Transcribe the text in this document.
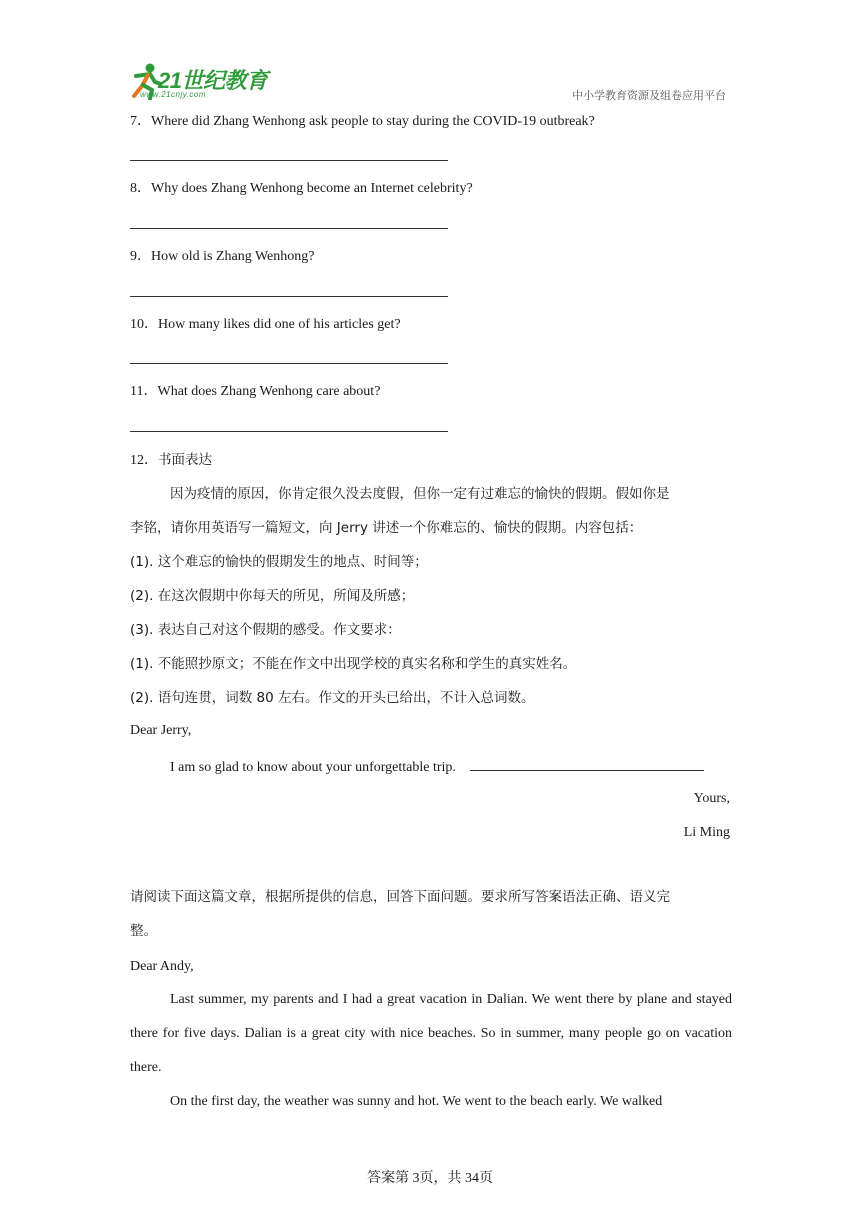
21世纪教育
www.21cnjy.com	中小学教育资源及组卷应用平台
7．Where did Zhang Wenhong ask people to stay during the COVID-19 outbreak?
8．Why does Zhang Wenhong become an Internet celebrity?
9．How old is Zhang Wenhong?
10．How many likes did one of his articles get?
11．What does Zhang Wenhong care about?
12．书面表达
因为疫情的原因，你肯定很久没去度假，但你一定有过难忘的愉快的假期。假如你是
李铭，请你用英语写一篇短文，向 Jerry 讲述一个你难忘的、愉快的假期。内容包括：
(1). 这个难忘的愉快的假期发生的地点、时间等；
(2). 在这次假期中你每天的所见，所闻及所感；
(3). 表达自己对这个假期的感受。作文要求：
(1). 不能照抄原文；不能在作文中出现学校的真实名称和学生的真实姓名。
(2). 语句连贯，词数 80 左右。作文的开头已给出，不计入总词数。
Dear Jerry,
I am so glad to know about your unforgettable trip.
Yours,
Li Ming
请阅读下面这篇文章，根据所提供的信息，回答下面问题。要求所写答案语法正确、语义完
整。
Dear Andy,
Last summer, my parents and I had a great vacation in Dalian. We went there by plane and stayed there for five days. Dalian is a great city with nice beaches. So in summer, many people go on vacation there.
On the first day, the weather was sunny and hot. We went to the beach early. We walked
答案第 3页，共 34页
